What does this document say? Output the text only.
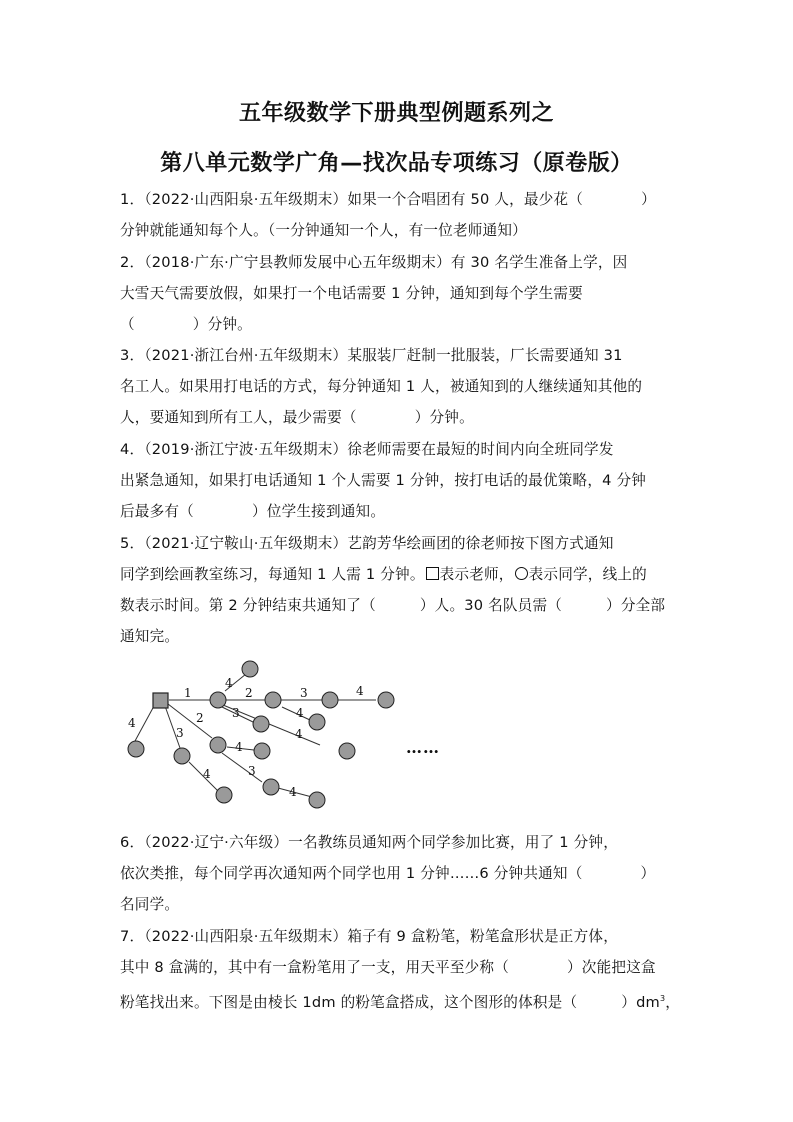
五年级数学下册典型例题系列之
第八单元数学广角—找次品专项练习（原卷版）
1．（2022·山西阳泉·五年级期末）如果一个合唱团有 50 人，最少花（	）
分钟就能通知每个人。（一分钟通知一个人，有一位老师通知）
2．（2018·广东·广宁县教师发展中心五年级期末）有 30 名学生准备上学，因
大雪天气需要放假，如果打一个电话需要 1 分钟，通知到每个学生需要
（	）分钟。
3．（2021·浙江台州·五年级期末）某服装厂赶制一批服装，厂长需要通知 31
名工人。如果用打电话的方式，每分钟通知 1 人，被通知到的人继续通知其他的
人，要通知到所有工人，最少需要（	）分钟。
4．（2019·浙江宁波·五年级期末）徐老师需要在最短的时间内向全班同学发
出紧急通知，如果打电话通知 1 个人需要 1 分钟，按打电话的最优策略，4 分钟
后最多有（	）位学生接到通知。
5．（2021·辽宁鞍山·五年级期末）艺韵芳华绘画团的徐老师按下图方式通知
同学到绘画教室练习，每通知 1 人需 1 分钟。 表示老师， 表示同学，线上的
数表示时间。第 2 分钟结束共通知了（	）人。30 名队员需（	）分全部
通知完。
1	2	3	4
4
3	4
2
4
3	4
4
3
4
4
……
6．（2022·辽宁·六年级）一名教练员通知两个同学参加比赛，用了 1 分钟，
依次类推，每个同学再次通知两个同学也用 1 分钟……6 分钟共通知（	）
名同学。
7．（2022·山西阳泉·五年级期末）箱子有 9 盒粉笔，粉笔盒形状是正方体，
其中 8 盒满的，其中有一盒粉笔用了一支，用天平至少称（	）次能把这盒
粉笔找出来。下图是由棱长 1dm 的粉笔盒搭成，这个图形的体积是（	）$dm^3$，
